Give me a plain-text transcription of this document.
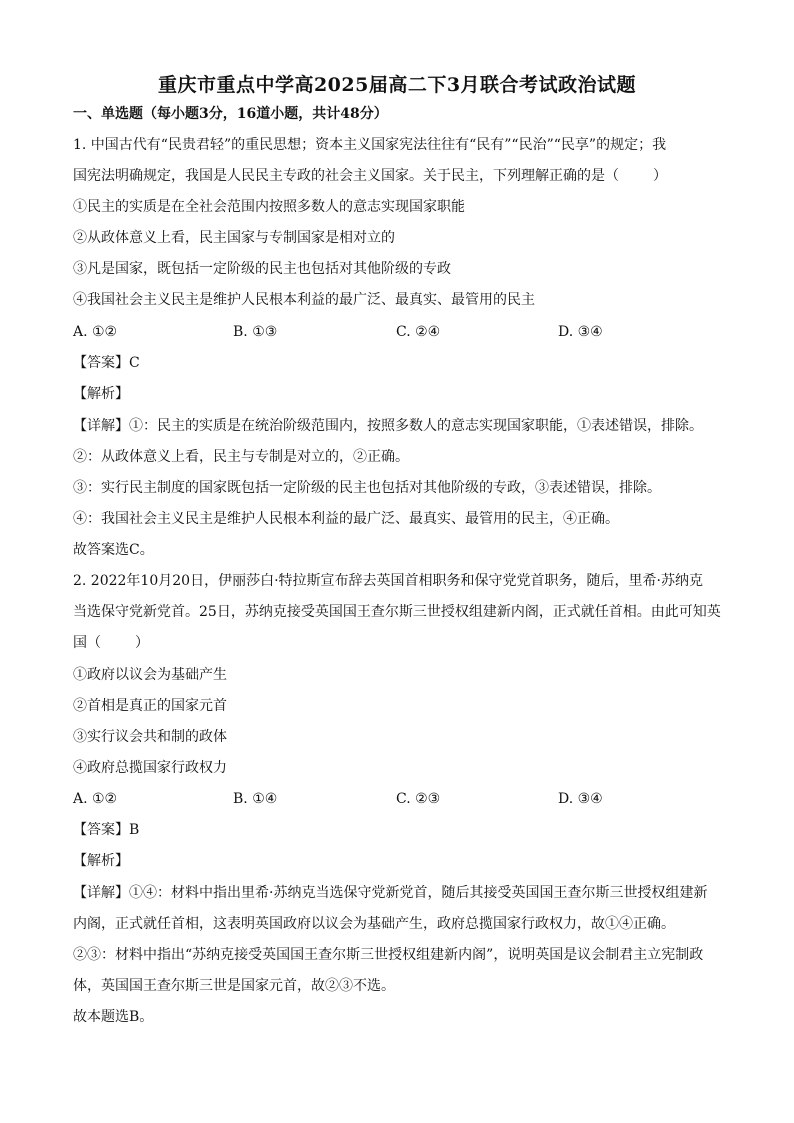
重庆市重点中学高2025届高二下3月联合考试政治试题
一、单选题（每小题3分，16道小题，共计48分）
1. 中国古代有“民贵君轻”的重民思想；资本主义国家宪法往往有“民有”“民治”“民享”的规定；我
国宪法明确规定，我国是人民民主专政的社会主义国家。关于民主，下列理解正确的是（ ）
①民主的实质是在全社会范围内按照多数人的意志实现国家职能
②从政体意义上看，民主国家与专制国家是相对立的
③凡是国家，既包括一定阶级的民主也包括对其他阶级的专政
④我国社会主义民主是维护人民根本利益的最广泛、最真实、最管用的民主
A. ①②	B. ①③	C. ②④	D. ③④
【答案】C
【解析】
【详解】①：民主的实质是在统治阶级范围内，按照多数人的意志实现国家职能，①表述错误，排除。
②：从政体意义上看，民主与专制是对立的，②正确。
③：实行民主制度的国家既包括一定阶级的民主也包括对其他阶级的专政，③表述错误，排除。
④：我国社会主义民主是维护人民根本利益的最广泛、最真实、最管用的民主，④正确。
故答案选C。
2. 2022年10月20日，伊丽莎白·特拉斯宣布辞去英国首相职务和保守党党首职务，随后，里希·苏纳克
当选保守党新党首。25日，苏纳克接受英国国王查尔斯三世授权组建新内阁，正式就任首相。由此可知英
国（ ）
①政府以议会为基础产生
②首相是真正的国家元首
③实行议会共和制的政体
④政府总揽国家行政权力
A. ①②	B. ①④	C. ②③	D. ③④
【答案】B
【解析】
【详解】①④：材料中指出里希·苏纳克当选保守党新党首，随后其接受英国国王查尔斯三世授权组建新
内阁，正式就任首相，这表明英国政府以议会为基础产生，政府总揽国家行政权力，故①④正确。
②③：材料中指出“苏纳克接受英国国王查尔斯三世授权组建新内阁”，说明英国是议会制君主立宪制政
体，英国国王查尔斯三世是国家元首，故②③不选。
故本题选B。
